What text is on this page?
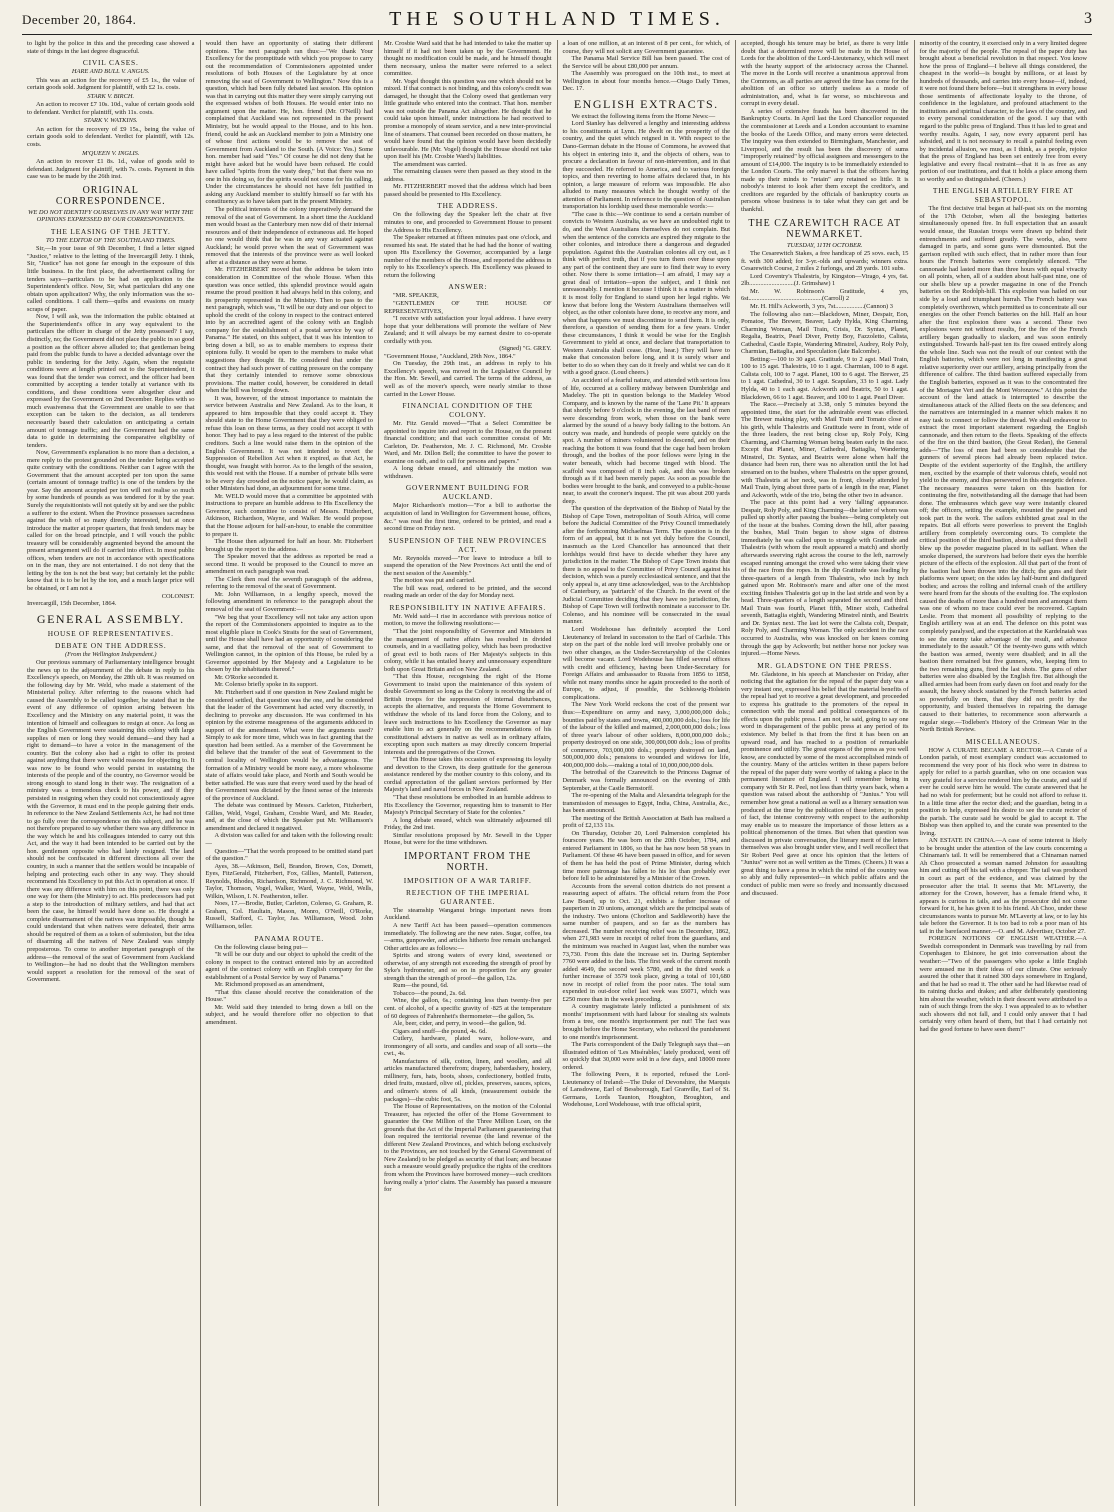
December 20, 1864.	THE SOUTHLAND TIMES.	3

to light by the police in this and the preceding case showed a state of things in the last degree disgraceful.

CIVIL CASES.
HARE AND BULL V. ANGUS.

This was an action for the recovery of £5 1s., the value of certain goods sold. Judgment for plaintiff, with £2 1s. costs.

STARK V. BIRCH.

An action to recover £7 10s. 10d., value of certain goods sold to defendant. Verdict for plaintiff, with 11s. costs.

STARK V. WATKINS.

An action for the recovery of £9 15s., being the value of certain goods sold to defendant. Verdict for plaintiff, with 12s. costs.

M'QUEEN V. INGLIS.

An action to recover £1 8s. 1d., value of goods sold to defendant. Judgment for plaintiff, with 7s. costs. Payment in this case was to be made by the 26th inst.

ORIGINAL CORRESPONDENCE.
WE DO NOT IDENTIFY OURSELVES IN ANY WAY WITH THE OPINIONS EXPRESSED BY OUR CORRESPONDENTS.
THE LEASING OF THE JETTY.
TO THE EDITOR OF THE SOUTHLAND TIMES.

Sir,—In your issue of 9th December, I find a letter signed "Justice," relative to the letting of the Invercargill Jetty. I think, Sir, "Justice" has not gone far enough in the exposure of this little business. In the first place, the advertisement calling for tenders says—particulars to be had on application to the Superintendent's office. Now, Sir, what particulars did any one obtain upon application? Why, the only information was the so-called conditions. I call them—quibs and evasions on musty scraps of paper.

Now, I will ask, was the information the public obtained at the Superintendent's office in any way equivalent to the particulars the officer in charge of the Jetty possessed? I say, distinctly, no; the Government did not place the public in so good a position as the officer above alluded to; that gentleman being paid from the public funds to have a decided advantage over the public in tendering for the Jetty. Again, when the requisite conditions were at length printed out to the Superintendent, it was found that the tender was correct, and the officer had been committed by accepting a tender totally at variance with its conditions, and these conditions were altogether clear and expressed by the Government on 2nd December. Replies with so much evasiveness that the Government are unable to see that exception can be taken to the decision, as all tenderers necessarily based their calculation on anticipating a certain amount of tonnage traffic; and the Government had the same data to guide in determining the comparative eligibility of tenders.

Now, Government's explanation is no more than a decision, a mere reply to the protest grounded on the tender being accepted quite contrary with the conditions. Neither can I agree with the Government that the amount accepted per ton upon the same (certain amount of tonnage traffic) is one of the tenders by the year. Say the amount accepted per ton will not realise so much by some hundreds of pounds as was tendered for it by the year. Surely the requisitionists will not quietly sit by and see the public a sufferer to the extent. When the Province possesses sacredness against the wish of so many directly interested, but at once introduce the matter at proper quarters, that fresh tenders may be called for on the broad principle, and I will vouch the public treasury will be considerably augmented beyond the amount the present arrangement will do if carried into effect. In most public offices, when tenders are not in accordance with specifications on in the man, they are not entertained. I do not deny that the letting by the ton is not the best way; but certainly let the public know that it is to be let by the ton, and a much larger price will be obtained, or I am not a

COLONIST.

Invercargill, 15th December, 1864.

GENERAL ASSEMBLY.
HOUSE OF REPRESENTATIVES.
DEBATE ON THE ADDRESS.
(From the Wellington Independent.)

Our previous summary of Parliamentary intelligence brought the news up to the adjournment of the debate in reply to his Excellency's speech, on Monday, the 28th ult. It was resumed on the following day by Mr. Weld, who made a statement of the Ministerial policy. After referring to the reasons which had caused the Assembly to be called together, he stated that in the event of any difference of opinion arising between his Excellency and the Ministry on any material point, it was the intention of himself and colleagues to resign at once. As long as the English Government were sustaining this colony with large supplies of men or long they would demand—and they had a right to demand—to have a voice in the management of the country. But the colony also had a right to offer its protest against anything that there were valid reasons for objecting to. It was now to be found who would persist in sustaining the interests of the people and of the country, no Governor would be strong enough to stand long in their way. The resignation of a ministry was a tremendous check to his power, and if they persisted in resigning when they could not conscientiously agree with the Governor, it must end in the people gaining their ends. In reference to the New Zealand Settlements Act, he had not time to go fully over the correspondence on this subject, and he was not therefore prepared to say whether there was any difference in the way which he and his colleagues intended to carry out this Act, and the way it had been intended to be carried out by the hon. gentlemen opposite who had lately resigned. The land should not be confiscated in different directions all over the country, in such a manner that the settlers would be incapable of helping and protecting each other in any way. They should recommend his Excellency to put this Act in operation at once. If there was any difference with him on this point, there was only one way for them (the Ministry) to act. His predecessors had put a step to the introduction of military settlers, and had that act been the case, he himself would have done so. He thought a complete disarmament of the natives was impossible, though he could understand that when natives were defeated, their arms should be required of them as a token of submission, but the idea of disarming all the natives of New Zealand was simply preposterous. To come to another important paragraph of the address—the removal of the seat of Government from Auckland to Wellington—he had no doubt that the Wellington members would support a resolution for the removal of the seat of Government.

would then have an opportunity of stating their different opinions. The next paragraph ran thus:—"We thank Your Excellency for the promptitude with which you propose to carry out the recommendation of Commissioners appointed under resolutions of both Houses of the Legislature by at once removing the seat of Government to Wellington." Now this is a question, which had been fully debated last session. His opinion was that in carrying out this matter they were simply carrying out the expressed wishes of both Houses. He would enter into no argument upon the matter. He, hon. friend (Mr. O'Neill) had complained that Auckland was not represented in the present Ministry, but he would appeal to the House, and to his hon. friend, could he ask an Auckland member to join a Ministry one of whose first actions would be to remove the seat of Government from Auckland to the South. (A Voice: Yes.) Some hon. member had said "Yes." Of course he did not deny that he might have asked but he would have been refused. He could have called "spirits from the vasty deep," but that there was no one in his doing so, for the spirits would not come for his calling. Under the circumstances he should not have felt justified in asking any Auckland member to stultify himself so far with his constituency as to have taken part in the present Ministry.

The political interests of the colony imperatively demand the removal of the seat of Government. In a short time the Auckland men would boast as the Canterbury men now did of their internal resources and of their independence of extraneous aid. He hoped no one would think that he was in any way actuated against Auckland; he would prove when the seat of Government was removed that the interests of the province were as well looked after at a distance as they were at home.

Mr. FITZHERBERT moved that the address be taken into consideration in Committee of the whole House. When this question was once settled, this splendid province would again resume the proud position it had always held in this colony, and its prosperity represented in the Ministry. Then to pass to the next paragraph, which was, "It will be our duty and our object to uphold the credit of the colony in respect to the contract entered into by an accredited agent of the colony with an English company for the establishment of a postal service by way of Panama." He stated, on this subject, that it was his intention to bring down a bill, so as to enable members to express their opinions fully. It would be open to the members to make what suggestions they thought fit. He considered that under the contract they had such power of cutting pressure on the company that they certainly intended to remove some obnoxious provisions. The matter could, however, be considered in detail when the bill was brought down.

It was, however, of the utmost importance to maintain the service between Australia and New Zealand. As to the loan, it appeared to him impossible that they could accept it. They should state to the Home Government that they were obliged to refuse this loan on these terms, as they could not accept it with honor. They had to pay a less regard to the interest of the public creditors. Such a line would raise them in the opinion of the English Government. It was not intended to revert the Suppression of Rebellion Act when it expired, as that Act, he thought, was fraught with horror. As to the length of the session, this would rest with the House. If a number of private bills were to be every day crowded on the notice paper, he would claim, as other Ministers had done, an adjournment for some time.

Mr. WELD would move that a committee be appointed with instructions to prepare an humble address to His Excellency the Governor, such committee to consist of Messrs. Fitzherbert, Atkinson, Richardson, Wayne, and Walker. He would propose that the House adjourn for half-an-hour, to enable the committee to prepare it.

The House then adjourned for half an hour. Mr. Fitzherbert brought up the report to the address.

The Speaker moved that the address as reported be read a second time. It would be proposed to the Council to move an amendment on each paragraph was read.

The Clerk then read the seventh paragraph of the address, referring to the removal of the seat of Government.

Mr. John Williamson, in a lengthy speech, moved the following amendment in reference to the paragraph about the removal of the seat of Government:—

"We beg that your Excellency will not take any action upon the report of the Commissioners appointed to inquire as to the most eligible place in Cook's Straits for the seat of Government, until the House shall have had an opportunity of considering the same, and that the removal of the seat of Government to Wellington cannot, in the opinion of this House, be ruled by a Governor appointed by Her Majesty and a Legislature to be chosen by the inhabitants thereof."

Mr. O'Rorke seconded it.

Mr. Colenso briefly spoke in its support.

Mr. Fitzherbert said if one question in New Zealand might be considered settled, that question was the one, and he considered that the leader of the Government had acted very discreetly, in declining to provoke any discussion. He was confirmed in his opinion by the extreme meagreness of the arguments adduced in support of the amendment. What were the arguments used? Simply to ask for more time, which was in fact granting that the question had been settled. As a member of the Government he did believe that the transfer of the seat of Government to the central locality of Wellington would be advantageous. The formation of a Ministry would be more easy, a more wholesome state of affairs would take place, and North and South would be better satisfied. He was sure that every word used by the head of the Government was dictated by the finest sense of the interests of the province of Auckland.

The debate was continued by Messrs. Carleton, Fitzherbert, Gillies, Weld, Vogel, Graham, Crosbie Ward, and Mr. Reader, and, at the close of which the Speaker put Mr. Williamson's amendment and declared it negatived.

A division was called for and taken with the following result:—

Question—"That the words proposed to be omitted stand part of the question."

Ayes, 38.—Atkinson, Bell, Brandon, Brown, Cox, Domett, Eyes, FitzGerald, Fitzherbert, Fox, Gillies, Mantell, Patterson, Reynolds, Rhodes, Richardson, Richmond, J. C. Richmond, W. Taylor, Thomson, Vogel, Walker, Ward, Wayne, Weld, Wells, Wilkin, Wilson, I. N. Featherston, teller.

Noes, 17.—Brodie, Butler, Carleton, Colenso, G. Graham, R. Graham, Col. Haultain, Mason, Monro, O'Neill, O'Rorke, Russell, Stafford, C. Taylor, Jas. Williamson, Wood. John Williamson, teller.

PANAMA ROUTE.

On the following clause being put—

"It will be our duty and our object to uphold the credit of the colony in respect to the contract entered into by an accredited agent of the contract colony with an English company for the establishment of a Postal Service by way of Panama."

Mr. Richmond proposed as an amendment,

"That this clause should receive the consideration of the House."

Mr. Weld said they intended to bring down a bill on the subject, and he would therefore offer no objection to that amendment.

Mr. Crosbie Ward said that he had intended to take the matter up himself if it had not been taken up by the Government. He thought no modification could be made, and he himself thought them necessary, unless the matter were referred to a select committee.

Mr. Vogel thought this question was one which should not be mixed. If that contract is not binding, and this colony's credit was damaged, he thought that the Colony owed that gentleman very little gratitude who entered into the contract. That hon. member was not outside the Panama Act altogether. He thought that he could take upon himself, under instructions he had received to promise a monopoly of steam service, and a new inter-provincial line of steamers. That counsel been recorded on those matters, he would have found that the opinion would have been decidedly unfavourable. He (Mr. Vogel) thought the House should not take upon itself his (Mr. Crosbie Ward's) liabilities.

The amendment was carried.

The remaining clauses were then passed as they stood in the address.

Mr. FITZHERBERT moved that the address which had been passed should be presented to His Excellency.

THE ADDRESS.

On the following day the Speaker left the chair at five minutes to one, and proceeded to Government House to present the Address to His Excellency.

The Speaker returned at fifteen minutes past one o'clock, and resumed his seat. He stated that he had had the honor of waiting upon His Excellency the Governor, accompanied by a large number of the members of the House, and reported the address in reply to his Excellency's speech. His Excellency was pleased to return the following

ANSWER:

"MR. SPEAKER,

"GENTLEMEN OF THE HOUSE OF REPRESENTATIVES,

"I receive with satisfaction your loyal address. I have every hope that your deliberations will promote the welfare of New Zealand; and it will always be my earnest desire to co-operate cordially with you.

(Signed) "G. GREY.

"Government House, "Auckland, 29th Nov., 1864."

On Tuesday, the 29th inst., an address in reply to his Excellency's speech, was moved in the Legislative Council by the Hon. Mr. Sewell, and carried. The terms of the address, as well as of the mover's speech, were nearly similar to those carried in the Lower House.

FINANCIAL CONDITION OF THE COLONY.

Mr. Fitz Gerald moved—"That a Select Committee be appointed to inquire into and report to the House, on the present financial condition; and that such committee consist of Mr. Carleton, Dr. Featherston, Mr. J. C. Richmond, Mr. Crosbie Ward, and Mr. Dillon Bell; the committee to have the power to examine on oath, and to call for persons and papers."

A long debate ensued, and ultimately the motion was withdrawn.

GOVERNMENT BUILDING FOR AUCKLAND.

Major Richardson's motion—"For a bill to authorise the acquisition of land in Wellington for Government house, offices, &c." was read the first time, ordered to be printed, and read a second time on Friday next.

SUSPENSION OF THE NEW PROVINCES ACT.

Mr. Reynolds moved—"For leave to introduce a bill to suspend the operation of the New Provinces Act until the end of the next session of the Assembly."

The motion was put and carried.

The bill was read, ordered to be printed, and the second reading made an order of the day for Monday next.

RESPONSIBILITY IN NATIVE AFFAIRS.

Mr. Weld said—I rise in accordance with previous notice of motion, to move the following resolutions:—

"That the joint responsibility of Governor and Ministers in the management of native affairs has resulted in divided counsels, and in a vacillating policy, which has been productive of great evil to both races of Her Majesty's subjects in this colony, while it has entailed heavy and unnecessary expenditure both upon Great Britain and on New Zealand.

"That this House, recognising the right of the Home Government to insist upon the maintenance of this system of double Government so long as the Colony is receiving the aid of British troops for the suppression of internal disturbances, accepts the alternative, and requests the Home Government to withdraw the whole of its land force from the Colony, and to leave such instructions to his Excellency the Governor as may enable him to act generally on the recommendations of his constitutional advisers in native as well as in ordinary affairs, excepting upon such matters as may directly concern Imperial interests and the prerogatives of the Crown.

"That this House takes this occasion of expressing its loyalty and devotion to the Crown, its deep gratitude for the generous assistance rendered by the mother country to this colony, and its cordial appreciation of the gallant services performed by Her Majesty's land and naval forces in New Zealand.

"That these resolutions be embodied in an humble address to His Excellency the Governor, requesting him to transmit to Her Majesty's Principal Secretary of State for the colonies."

A long debate ensued, which was ultimately adjourned till Friday, the 2nd inst.

Similar resolutions proposed by Mr. Sewell in the Upper House, but were for the time withdrawn.

IMPORTANT FROM THE NORTH.
IMPOSITION OF A WAR TARIFF.
REJECTION OF THE IMPERIAL GUARANTEE.

The steamship Wanganui brings important news from Auckland.

A new Tariff Act has been passed—operation commences immediately. The following are the new rates. Sugar, coffee, tea—arms, gunpowder, and articles hitherto free remain unchanged. Other articles are as follows:—

Spirits and strong waters of every kind, sweetened or otherwise, of any strength not exceeding the strength of proof by Syke's hydrometer, and so on in proportion for any greater strength than the strength of proof—the gallon, 12s.

Rum—the pound, 6d.

Tobacco—the pound, 2s. 6d.

Wine, the gallon, 6s.; containing less than twenty-five per cent. of alcohol, of a specific gravity of ·825 at the temperature of 60 degrees of Fahrenheit's thermometer—the gallon, 5s.

Ale, beer, cider, and perry, in wood—the gallon, 9d.

Cigars and snuff—the pound, 4s. 6d.

Cutlery, hardware, plated ware, hollow-ware, and ironmongery of all sorts, and candles and soap of all sorts—the cwt., 4s.

Manufactures of silk, cotton, linen, and woollen, and all articles manufactured therefrom; drapery, haberdashery, hosiery, millinery, furs, hats, boots, shoes, confectionery, bottled fruits, dried fruits, mustard, olive oil, pickles, preserves, sauces, spices, and oilmen's stores of all kinds, (measurement outside the packages)—the cubic foot, 5s.

The House of Representatives, on the motion of the Colonial Treasurer, has rejected the offer of the Home Government to guarantee the One Million of the Three Million Loan, on the grounds that the Act of the Imperial Parliament guaranteeing that loan required the territorial revenue (the land revenue of the different New Zealand Provinces, and which belong exclusively to the Provinces, are not touched by the General Government of New Zealand) to be pledged as security of that loan; and because such a measure would greatly prejudice the rights of the creditors from whom the Provinces have borrowed money—such creditors having really a 'prior' claim. The Assembly has passed a measure for

a loan of one million, at an interest of 8 per cent., for which, of course, they will not solicit any Government guarantee.

The Panama Mail Service Bill has been passed. The cost of the Service will be about £80,000 per annum.

The Assembly was prorogued on the 10th inst., to meet at Wellington in about four months hence.—Otago Daily Times, Dec. 17.

ENGLISH EXTRACTS.

We extract the following items from the Home News:—

Lord Stanley has delivered a lengthy and interesting address to his constituents at Lynn. He dwelt on the prosperity of the country, and the quiet which reigned in it. With respect to the Dano-German debate in the House of Commons, he avowed that his object in entering into it, and the objects of others, was to procure a declaration in favour of non-intervention, and in that they succeeded. He referred to America, and to various foreign topics, and then reverting to home affairs declared that, in his opinion, a large measure of reform was impossible. He also alluded to many measures which he thought worthy of the attention of Parliament. In reference to the question of Australian transportation his lordship used these memorable words:—

"The case is this:—We continue to send a certain number of convicts to Western Australia, as we have an undoubted right to do, and the West Australians themselves do not complain. But when the sentence of the convicts are expired they migrate to the other colonies, and introduce there a dangerous and degraded population. Against this the Australian colonies all cry out, as I think with perfect truth, that if you turn them over these upon any part of the continent they are sure to find their way to every other. Now there is some irritation—I am afraid, I may say a great deal of irritation—upon the subject, and I think not unreasonably. I mention it because I think it is a matter in which it is most folly for England to stand upon her legal rights. We know that before long the Western Australians themselves will object, as the other colonists have done, to receive any more, and when that happens we must discontinue to send them. It is only, therefore, a question of sending them for a few years. Under these circumstances, I think it would be wise for the English Government to yield at once, and declare that transportation to Western Australia shall cease. (Hear, hear.) They will have to make that concession before long, and it is surely wiser and better to do so when they can do it freely and whilst we can do it with a good grace. (Loud cheers.)

An accident of a fearful nature, and attended with serious loss of life, occurred at a colliery midway between Dumbridge and Madeley. The pit in question belongs to the Madeley Wood Company, and is known by the name of the 'Lane Pit.' It appears that shortly before 9 o'clock in the evening, the last band of men were descending from work, when those on the bank were alarmed by the sound of a heavy body falling to the bottom. An outcry was made, and hundreds of people were quickly on the spot. A number of miners volunteered to descend, and on their reaching the bottom it was found that the cage had been broken through, and the bodies of the poor fellows were lying in the water beneath, which had become tinged with blood. The scaffold was composed of 8 inch oak, and this was broken through as if it had been merely paper. As soon as possible the bodies were brought to the bank, and conveyed to a public-house near, to await the coroner's inquest. The pit was about 200 yards deep.

The question of the deprivation of the Bishop of Natal by the Bishop of Cape Town, metropolitan of South Africa, will come before the Judicial Committee of the Privy Council immediately after the forthcoming Michaelmas Term. The question is in the form of an appeal, but it is not yet duly before the Council, inasmuch as the Lord Chancellor has announced that their lordships would first have to decide whether they have any jurisdiction in the matter. The Bishop of Cape Town insists that there is no appeal to the Committee of Privy Council against his decision, which was a purely ecclesiastical sentence, and that the only appeal is, at any time acknowledged, was to the Archbishop of Canterbury, as 'patriarch' of the Church. In the event of the Judicial Committee deciding that they have no jurisdiction, the Bishop of Cape Town will forthwith nominate a successor to Dr. Colenso, and his nominee will be consecrated in the usual manner.

Lord Wodehouse has definitely accepted the Lord Lieutenancy of Ireland in succession to the Earl of Carlisle. This step on the part of the noble lord will involve probably one or two other changes, as the Under-Secretaryship of the Colonies will become vacant. Lord Wodehouse has filled several offices with credit and efficiency, having been Under-Secretary for Foreign Affairs and ambassador to Russia from 1856 to 1858, while not many months since he again proceeded to the north of Europe, to adjust, if possible, the Schleswig-Holstein complications.

The New York World reckons the cost of the present war thus:—Expenditure on army and navy, 3,000,000,000 dols.; bounties paid by states and towns, 400,000,000 dols.; loss for life of the labour of the killed and maimed, 2,000,000,000 dols.; loss of three year's labour of other soldiers, 8,000,000,000 dols.; property destroyed on one side, 300,000,000 dols.; loss of profits of commerce, 703,000,000 dols.; property destroyed on land, 500,000,000 dols.; pensions to wounded and widows for life, 400,000,000 dols.—making a total of 10,000,000,000 dols.

The betrothal of the Czarewitch to the Princess Dagmar of Denmark was formally announced on the evening of 28th September, at the Castle Bernstorff.

The re-opening of the Malta and Alexandria telegraph for the transmission of messages to Egypt, India, China, Australia, &c., has been announced.

The meeting of the British Association at Bath has realised a profit of £2,133 11s.

On Thursday, October 20, Lord Palmerston completed his fourscore years. He was born on the 20th October, 1784, and entered Parliament in 1806, so that he has now been 58 years in Parliament. Of these 46 have been passed in office, and for seven of them he has held the post of Prime Minister, during which time more patronage has fallen to his lot than probably ever before fell to be administered by a Minister of the Crown.

Accounts from the several cotton districts do not present a reassuring aspect of affairs. The official return from the Poor Law Board, up to Oct. 21, exhibits a further increase of pauperism in 20 unions, amongst which are the principal seats of the industry. Two unions (Chorlton and Saddleworth) have the same number of paupers, and so far as the numbers has decreased. The number receiving relief was in December, 1862, when 271,983 were in receipt of relief from the guardians, and the minimum was reached in August last, when the number was 73,730. From this date the increase set in. During September 7760 were added to the lists. The first week of the current month added 4649, the second week 5780, and in the third week a further increase of 3579 took place, giving a total of 101,680 now in receipt of relief from the poor rates. The total sum expended in out-door relief last week was £6071, which was £250 more than in the week preceding.

A country magistrate lately inflicted a punishment of six months' imprisonment with hard labour for stealing six walnuts from a tree, one month's imprisonment per nut! The fact was brought before the Home Secretary, who reduced the punishment to one month's imprisonment.

The Paris correspondent of the Daily Telegraph says that—an illustrated edition of 'Les Misérables,' lately produced, went off so quickly that 30,000 were sold in a few days, and 18000 more ordered.

The following Peers, it is reported, refused the Lord-Lieutenancy of Ireland:—The Duke of Devonshire, the Marquis of Lansdowne, Earl of Bessborough, Earl Granville, Earl of St. Germans, Lords Taunton, Houghton, Broughton, and Wodehouse, Lord Wodehouse, with true official spirit,

accepted, though his tenure may be brief, as there is very little doubt that a determined move will be made in the House of Lords for the abolition of the Lord-Lieutenancy, which will meet with the hearty support of the aristocracy across the Channel. The move in the Lords will receive a unanimous approval from the Commons, as all parties are agreed the time has come for the abolition of an office so utterly useless as a mode of administration, and, what is far worse, so mischievous and corrupt in every detail.

A series of extensive frauds has been discovered in the Bankruptcy Courts. In April last the Lord Chancellor requested the commissioner at Leeds and a London accountant to examine the books of the Leeds Office, and many errors were detected. The inquiry was then extended to Birmingham, Manchester, and Liverpool, and the result has been the discovery of sums "improperly retained" by official assignees and messengers to the amount of £14,000. The inquiry is to be immediately extended to the London Courts. The only marvel is that the officers having made up their minds to "retain" any retained so little. It is nobody's interest to look after them except the creditor's, and creditors are regarded by the officials of bankruptcy courts as persons whose business is to take what they can get and be thankful.

THE CZAREWITCH RACE AT NEWMARKET.
TUESDAY, 11TH OCTOBER.

The Cesarewitch Stakes, a free handicap of 25 sovs. each, 15 ft. with 300 added; for 3-yr.-olds and upwards; winners extra. Cesarewitch Course, 2 miles 2 furlongs, and 28 yards. 101 subs.

Lord Coventry's Thalestris, by Kingston—Virago, 4 yrs, 6st. 2lb............................(J. Grimshaw) 1

Mr. W. Robinson's Gratitude, 4 yrs, 6st..............................................(Carroll) 2

Mr. H. Hill's Ackworth, 3 yrs, 7st..................(Cannon) 3

The following also ran:—Blackdown, Miner, Despair, Eon, Pomatoe, The Brewer, Beaver, Lady Hylda, King Charming, Charming Woman, Mail Train, Crisis, Dr. Syntax, Planet, Regalia, Beatrix, Pearl Diver, Pretty Boy, Fazzoletto, Calista, Cathedral, Castle Espie, Wandering Minstrel, Audrey, Roly Poly, Charmian, Battaglia, and Speculation (late Balcombe).

Betting:—100 to 30 agst. Gratitude, 9 to 2 agst. Mail Train, 100 to 15 agst. Thalestris, 10 to 1 agst. Charmian, 100 to 8 agst. Calista colt, 100 to 7 agst. Planet, 100 to 6 agst. The Brewer, 25 to 1 agst. Cathedral, 30 to 1 agst. Scapulars, 33 to 1 agst. Lady Hylda, 40 to 1 each agst. Ackworth and Beatrix, 50 to 1 agst. Blackdown, 66 to 1 agst. Beaver, and 100 to 1 agst. Pearl Diver.

The Race.—Precisely at 3.38, only 5 minutes beyond the appointed time, the start for the admirable event was effected. The Brewer making play, with Mail Train and Tomato close at his girth, while Thalestris and Gratitude were in front, wide of the three leaders, the rest being close up, Roly Poly, King Charming, and Charming Woman being beaten early in the race. Except that Planet, Miner, Cathedral, Battaglia, Wandering Minstrel, Dr. Syntax, and Beatrix were alone when half the distance had been run, there was no alteration until the lot had streamed on to the bushes, where Thalestris on the upper ground, with Thalestris at her neck, was in front, closely attended by Mail Train, lying about three parts of a length in the rear, Planet and Ackworth, wide of the trio, being the other two in advance.

The pace at this point had a very 'falling' appearance. Despair, Roly Poly, and King Charming—the latter of whom was pulled up shortly after passing the bushes—being completely out of the issue at the bushes. Coming down the hill, after passing the bushes, Mail Train began to show signs of distress immediately he was called upon to struggle with Gratitude and Thalestris (with whom the result appeared a match) and shortly afterwards swerving right across the course to the left, narrowly escaped running amongst the crowd who were taking their view of the race from the ropes. In the dip Gratitude was leading by three-quarters of a length from Thalestris, who inch by inch gained upon Mr. Robinson's mare and after one of the most exciting finishes Thalestris got up in the last stride and won by a head. Three-quarters of a length separated the second and third. Mail Train was fourth, Planet fifth, Miner sixth, Cathedral seventh, Battaglia eighth, Wandering Minstrel ninth, and Beatrix and Dr. Syntax next. The last lot were the Calista colt, Despair, Roly Poly, and Charming Woman. The only accident in the race occurred to Australia, who was knocked on her knees coming through the gap by Ackworth; but neither horse nor jockey was injured.—Home News.

MR. GLADSTONE ON THE PRESS.

Mr. Gladstone, in his speech at Manchester on Friday, after noticing that the agitation for the repeal of the paper duty was a very instant one, expressed his belief that the material benefits of the repeal had yet to receive a great development, and proceeded to express his gratitude to the promoters of the repeal in connection with the moral and political consequences of its effects upon the public press. I am not, he said, going to say one word in disparagement of the public press at any period of its existence. My belief is that from the first it has been on an upward road, and has reached to a position of remarkable prominence and utility. The great organs of the press as you well know, are conducted by some of the most accomplished minds of the country. Many of the articles written in these papers before the repeal of the paper duty were worthy of taking a place in the permanent literature of England. I will remember being in company with Sir R. Peel, not less than thirty years back, when a question was raised about the authorship of "Junius." You will remember how great a national as well as a literary sensation was produced at the time by the publication of these letters; in point of fact, the intense controversy with respect to the authorship may enable us to measure the importance of those letters as a political phenomenon of the times. But when that question was discussed in private conversation, the literary merit of the letters themselves was also brought under view, and I well recollect that Sir Robert Peel gave at once his opinion that the letters of "Junius" were not as well written as the Times. (Cheers.) It was a great thing to have a press in which the mind of the country was so ably and fully represented—in which public affairs and the conduct of public men were so freely and incessantly discussed and discussed.

minority of the country, it exercised only in a very limited degree for the majority of the people. The repeal of the paper duty has brought about a beneficial revolution in that respect. You know how the press of England—I believe all things considered, the cheapest in the world—is bought by millions, or at least by hundreds of thousands, and carries into every house—if, indeed, it were not found there before—but it strengthens in every house those sentiments of affectionate loyalty to the throne, of confidence in the legislature, and profound attachment to the institutions and spiritual character, to the laws of the country, and to every personal consideration of the good. I say that with regard to the public press of England. Thus it has led to great and worthy results. Again, I say, now every apparent peril has subsided, and it is not necessary to recall a painful feeling even by incidental allusion, we must, as I think, as a people, rejoice that the press of England has been set entirely free from every legislative and every fiscal restraint—that it is as free as any portion of our institutions, and that it holds a place among them so worthy and so distinguished. (Cheers.)

THE ENGLISH ARTILLERY FIRE AT SEBASTOPOL.

The first decisive trial began at half-past six on the morning of the 17th October, when all the besieging batteries simultaneously opened fire. In full expectation that an assault would ensue, the Russian troops were drawn up behind their entrenchments and suffered greatly. The works, also, were damaged in parts, and some guns were dismounted. But the garrison replied with such effect, that in rather more than four hours the French batteries were completely silenced. "The cannonade had lasted more than three hours with equal vivacity on all points, when, all of a sudden about half-past nine, one of our shells blew up a powder magazine in one of the French batteries on the Rodolph-hill. This explosion was hailed on our side by a loud and triumphant hurrah. The French battery was completely overthrown, which permitted us to concentrate all our energies on the other French batteries on the hill. Half an hour after the first explosion there was a second. These two explosions were not without results, for the fire of the French artillery began gradually to slacken, and was soon entirely extinguished. Towards half-past ten its fire ceased entirely along the whole line. Such was not the result of our contest with the English batteries, which were not long in manifesting a great relative superiority over our artillery, arising principally from the difference of calibre. The third bastion suffered especially from the English batteries, exposed as it was to the concentrated fire of the Mortagne Vert and the Mont Woronzow." At this point the account of the land attack is interrupted to describe the simultaneous attack of the Allied fleets on the sea defences; and the narratives are intermingled in a manner which makes it no easy task to connect or follow the thread. We shall endeavour to extract the most important statement regarding the English cannonade, and then return to the fleets. Speaking of the effects of the fire on the third bastion, (the Great Redan), the General adds—"The loss of men had been so considerable that the gunners of several pieces had already been replaced twice. Despite of the evident superiority of the English, the artillery men, excited by the example of their valorous chiefs, would not yield to the enemy, and thus persevered in this energetic defence. The necessary measures were taken on this bastion for continuing the fire, notwithstanding all the damage that had been done. The embrasures which gave way were instantly cleared off; the officers, setting the example, mounted the parapet and took part in the work. The sailors exhibited great zeal in the repairs. But all efforts were powerless to prevent the English artillery from completely overcoming ours. To complete the critical position of the third bastion, about half-past three a shell blew up the powder magazine placed in its saillant. When the smoke dispersed, the survivors had before their eyes the horrible picture of the effects of the explosion. All that part of the front of the bastion had been thrown into the ditch; the guns and their platforms were upset; on the sides lay half-burnt and disfigured bodies; and across the rolling and infernal crash of the artillery were heard from far the shouts of the exulting foe. The explosion caused the deaths of more than a hundred men and amongst them was one of whom no trace could ever be recovered. Captain Leslie. From that moment all possibility of replying to the English artillery was at an end. The defence on this point was completely paralysed, and the expectation at the Kardelnaiah was to see the enemy take advantage of the result, and advance immediately to the assault." Of the twenty-two guns with which the bastion was armed, twenty were disabled; and in all the bastion there remained but five gunners, who, keeping firm to the two remaining guns, fired the last shots. The guns of other batteries were also disabled by the English fire. But although the allied armies had been from early dawn on foot and ready for the assault, the heavy shock sustained by the French batteries acted so powerfully on them, that they did not profit by the opportunity, and busied themselves in repairing the damage caused to their batteries, to recommence soon afterwards a regular siege.—Todleben's History of the Crimean War in the North British Review.

MISCELLANEOUS.

HOW A CURATE BECAME A RECTOR.—A Curate of a London parish, of most exemplary conduct was accustomed to recommend the very poor of his flock who were in distress to apply for relief to a parish guardian, who on one occasion was very grateful for a service rendered him by the curate, and said if ever he could serve him he would. The curate answered that he had no wish for preferment; but he could not afford to refuse it. In a little time after the rector died; and the guardian, being in a position to help, expressed his desire to see the curate rector of the parish. The curate said he would be glad to accept it. The Bishop was then applied to, and the curate was presented to the living.

AN ESTATE IN CHINA.—A case of some interest is likely to be brought under the attention of the law courts concerning a Chinaman's tail. It will be remembered that a Chinaman named Ah Choo prosecuted a woman named Johnston for assaulting him and cutting off his tail with a chopper. The tail was produced in court as part of the evidence, and was claimed by the prosecutor after the trial. It seems that Mr. M'Laverty, the attorney for the Crown, however, has a female friend who, it appears is curious in tails, and as the prosecutor did not come forward for it, he has given it to his friend. Ah Choo, under these circumstances wants to pursue Mr. M'Laverty at law, or to lay his tale before the Governor. It is too bad to rob a poor man of his tail in the barefaced manner.—O. and M. Advertiser, October 27.

FOREIGN NOTIONS OF ENGLISH WEATHER.—A Swedish correspondent in Denmark was travelling by rail from Copenhagen to Elsinore, he got into conversation about the weather:—"Two of the passengers who spoke a little English were amused me in their ideas of our climate. One seriously assured the other that it rained 300 days somewhere in England, and that he had so read it. The other said he had likewise read of its raining ducks and drakes; and after deliberately questioning him about the weather, which in their descent were attributed to a rain of such things from the sky. I was appealed to as to whether such showers did not fall, and I could only answer that I had certainly very often heard of them, but that I had certainly not had the good fortune to have seen them!"
